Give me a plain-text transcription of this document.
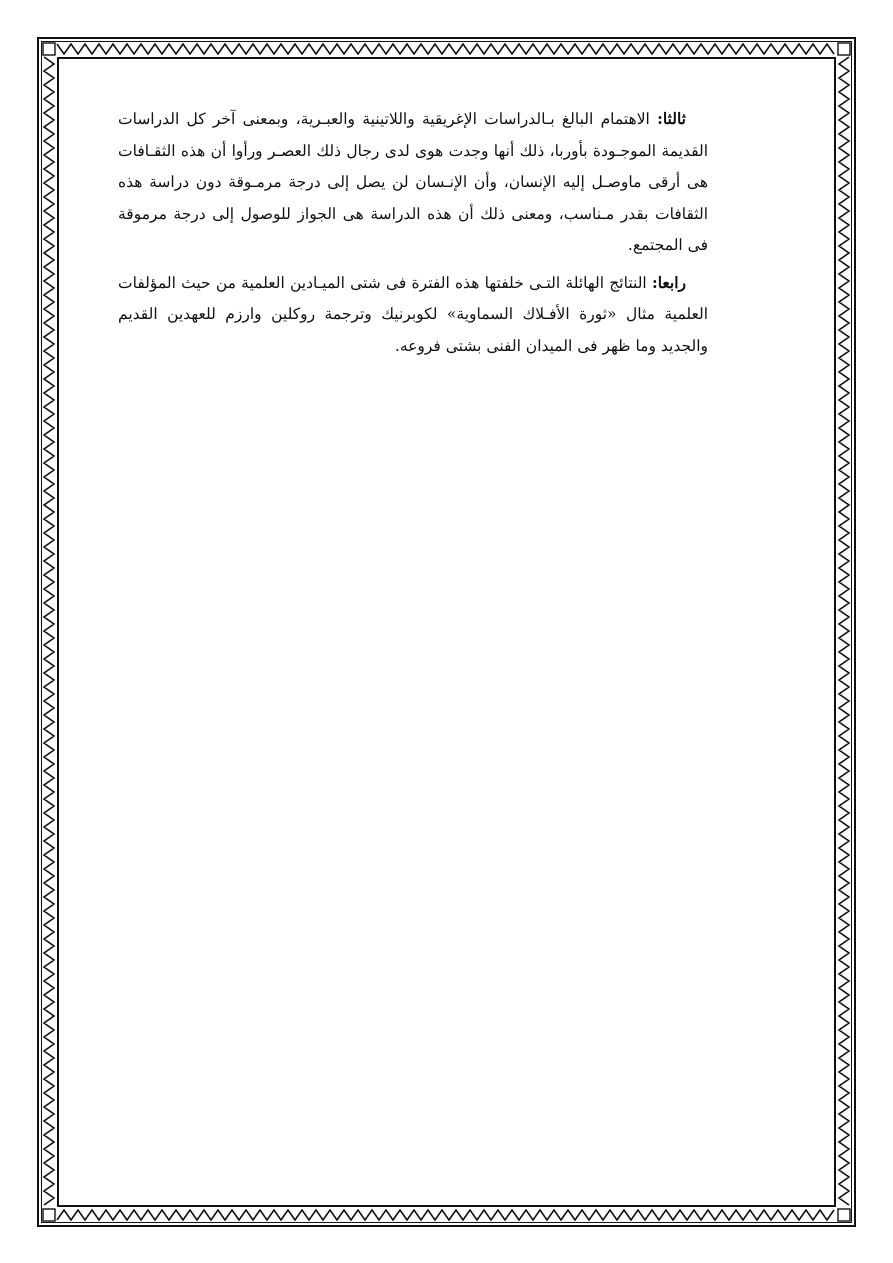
ثالثا: الاهتمام البالغ بـالدراسات الإغريقية واللاتينية والعبـرية، وبمعنى آخر كل الدراسات القديمة الموجـودة بأوربا، ذلك أنها وجدت هوى لدى رجال ذلك العصـر ورأوا أن هذه الثقـافات هى أرقى ماوصـل إليه الإنسان، وأن الإنـسان لن يصل إلى درجة مرمـوقة دون دراسة هذه الثقافات بقدر مـناسب، ومعنى ذلك أن هذه الدراسة هى الجواز للوصول إلى درجة مرموقة فى المجتمع.

رابعا: النتائج الهائلة التـى خلفتها هذه الفترة فى شتى الميـادين العلمية من حيث المؤلفات العلمية مثال «ثورة الأفـلاك السماوية» لكوبرنيك وترجمة روكلين وارزم للعهدين القديم والجديد وما ظهر فى الميدان الفنى بشتى فروعه.
